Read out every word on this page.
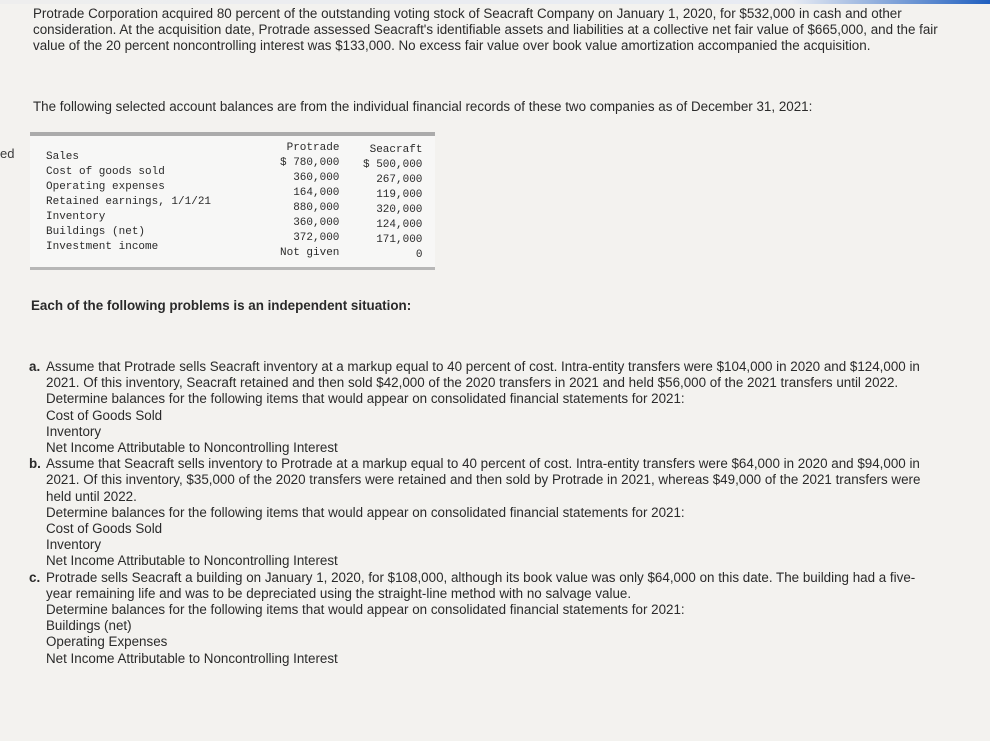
ed

Protrade Corporation acquired 80 percent of the outstanding voting stock of Seacraft Company on January 1, 2020, for $532,000 in cash and other consideration. At the acquisition date, Protrade assessed Seacraft's identifiable assets and liabilities at a collective net fair value of $665,000, and the fair value of the 20 percent noncontrolling interest was $133,000. No excess fair value over book value amortization accompanied the acquisition.

The following selected account balances are from the individual financial records of these two companies as of December 31, 2021:

Sales
Cost of goods sold
Operating expenses
Retained earnings, 1/1/21
Inventory
Buildings (net)
Investment income
Protrade
$ 780,000
360,000
164,000
880,000
360,000
372,000
Not given
Seacraft
$ 500,000
267,000
119,000
320,000
124,000
171,000
0
Each of the following problems is an independent situation:
a. Assume that Protrade sells Seacraft inventory at a markup equal to 40 percent of cost. Intra-entity transfers were $104,000 in 2020 and $124,000 in 2021. Of this inventory, Seacraft retained and then sold $42,000 of the 2020 transfers in 2021 and held $56,000 of the 2021 transfers until 2022.
Determine balances for the following items that would appear on consolidated financial statements for 2021:
Cost of Goods Sold
Inventory
Net Income Attributable to Noncontrolling Interest
b. Assume that Seacraft sells inventory to Protrade at a markup equal to 40 percent of cost. Intra-entity transfers were $64,000 in 2020 and $94,000 in 2021. Of this inventory, $35,000 of the 2020 transfers were retained and then sold by Protrade in 2021, whereas $49,000 of the 2021 transfers were held until 2022.
Determine balances for the following items that would appear on consolidated financial statements for 2021:
Cost of Goods Sold
Inventory
Net Income Attributable to Noncontrolling Interest
c. Protrade sells Seacraft a building on January 1, 2020, for $108,000, although its book value was only $64,000 on this date. The building had a five-year remaining life and was to be depreciated using the straight-line method with no salvage value.
Determine balances for the following items that would appear on consolidated financial statements for 2021:
Buildings (net)
Operating Expenses
Net Income Attributable to Noncontrolling Interest
